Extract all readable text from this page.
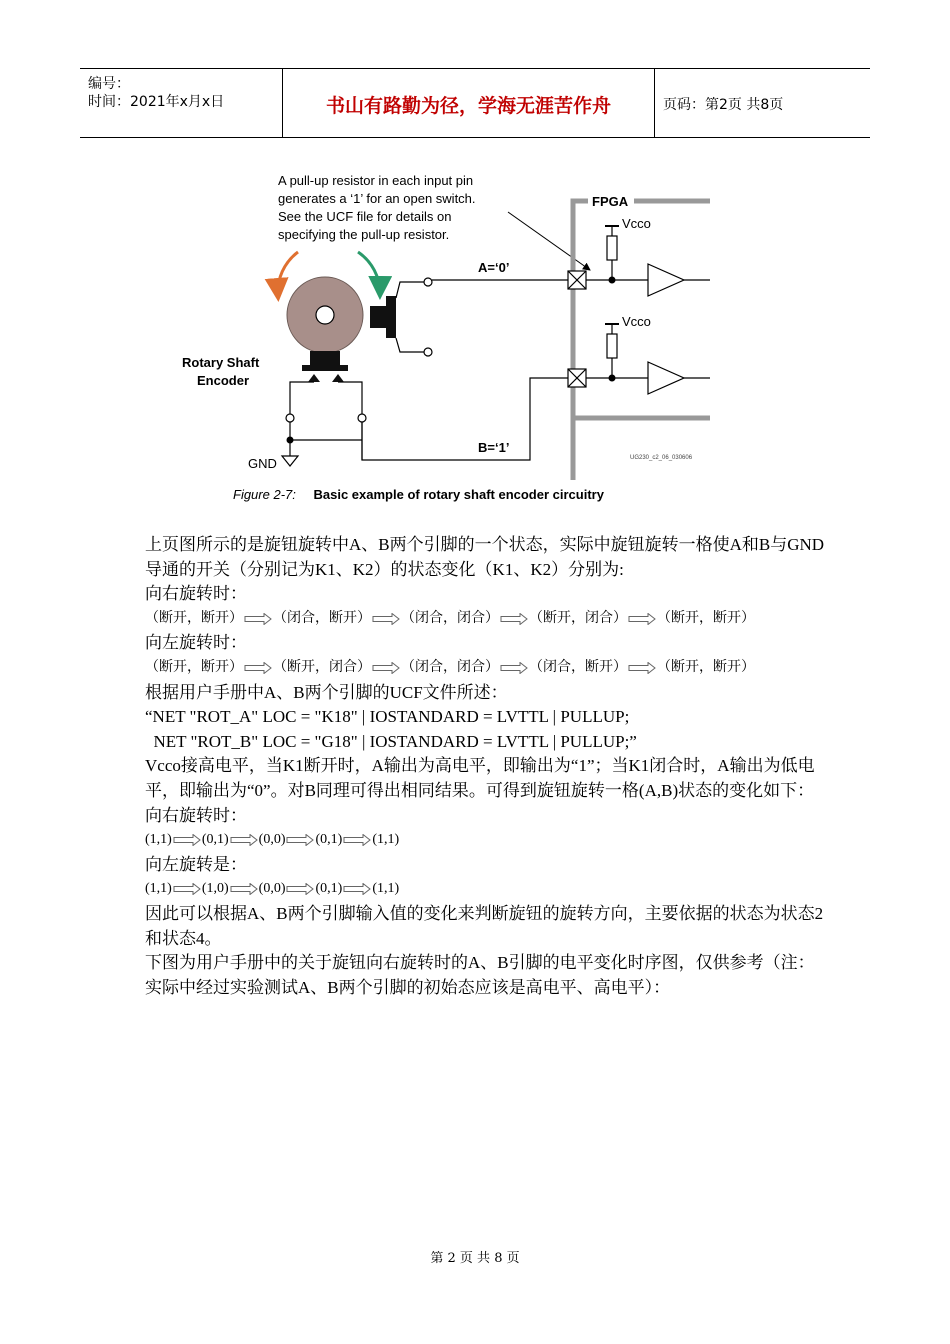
编号：
时间：2021年x月x日	书山有路勤为径，学海无涯苦作舟	页码：第2页 共8页
A pull-up resistor in each input pin
generates a ‘1’ for an open switch.
See the UCF file for details on
specifying the pull-up resistor.
FPGA
Rotary Shaft
Encoder
A=‘0’
B=‘1’
GND
Vcco
Vcco
UG230_c2_06_030606
Figure 2-7: Basic example of rotary shaft encoder circuitry

上页图所示的是旋钮旋转中A、B两个引脚的一个状态，实际中旋钮旋转一格使A和B与GND导通的开关（分别记为K1、K2）的状态变化（K1、K2）分别为:

向右旋转时：

（断开，断开） （闭合，断开） （闭合，闭合） （断开，闭合） （断开，断开）

向左旋转时：

（断开，断开） （断开，闭合） （闭合，闭合） （闭合，断开） （断开，断开）

根据用户手册中A、B两个引脚的UCF文件所述：

“NET "ROT_A" LOC = "K18" | IOSTANDARD = LVTTL | PULLUP;

NET "ROT_B" LOC = "G18" | IOSTANDARD = LVTTL | PULLUP;”

Vcco接高电平，当K1断开时，A输出为高电平，即输出为“1”；当K1闭合时，A输出为低电平，即输出为“0”。对B同理可得出相同结果。可得到旋钮旋转一格(A,B)状态的变化如下：

向右旋转时：

(1,1) (0,1) (0,0) (0,1) (1,1)

向左旋转是：

(1,1) (1,0) (0,0) (0,1) (1,1)

因此可以根据A、B两个引脚输入值的变化来判断旋钮的旋转方向，主要依据的状态为状态2和状态4。

下图为用户手册中的关于旋钮向右旋转时的A、B引脚的电平变化时序图，仅供参考（注：实际中经过实验测试A、B两个引脚的初始态应该是高电平、高电平）：

第 2 页 共 8 页
